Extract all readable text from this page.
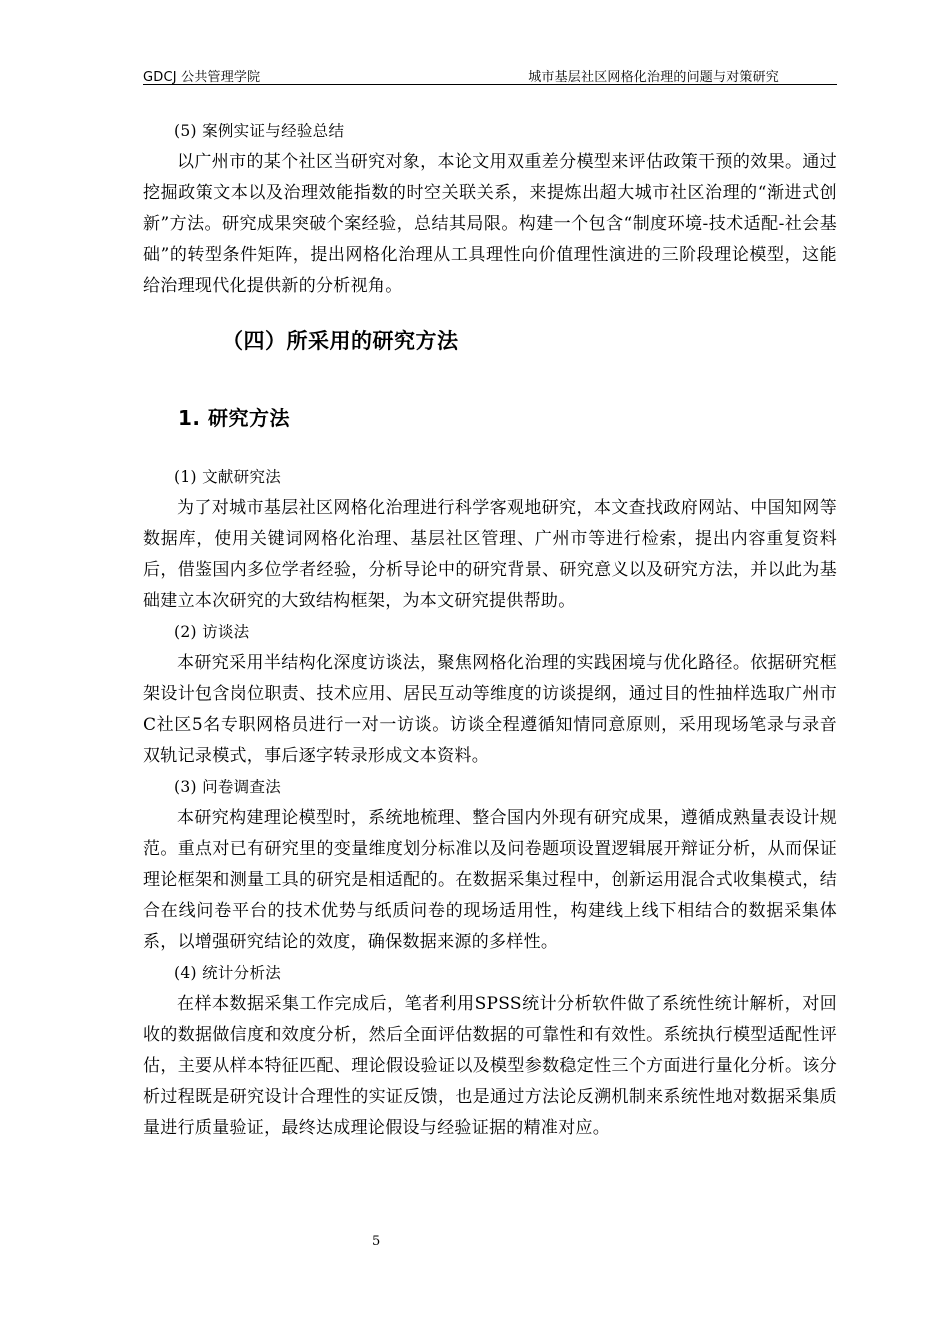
GDCJ 公共管理学院	城市基层社区网格化治理的问题与对策研究

(5) 案例实证与经验总结

以广州市的某个社区当研究对象，本论文用双重差分模型来评估政策干预的效果。通过挖掘政策文本以及治理效能指数的时空关联关系，来提炼出超大城市社区治理的“渐进式创新”方法。研究成果突破个案经验，总结其局限。构建一个包含“制度环境-技术适配-社会基础”的转型条件矩阵，提出网格化治理从工具理性向价值理性演进的三阶段理论模型，这能给治理现代化提供新的分析视角。

（四）所采用的研究方法
1. 研究方法

(1) 文献研究法

为了对城市基层社区网格化治理进行科学客观地研究，本文查找政府网站、中国知网等数据库，使用关键词网格化治理、基层社区管理、广州市等进行检索，提出内容重复资料后，借鉴国内多位学者经验，分析导论中的研究背景、研究意义以及研究方法，并以此为基础建立本次研究的大致结构框架，为本文研究提供帮助。

(2) 访谈法

本研究采用半结构化深度访谈法，聚焦网格化治理的实践困境与优化路径。依据研究框架设计包含岗位职责、技术应用、居民互动等维度的访谈提纲，通过目的性抽样选取广州市C社区5名专职网格员进行一对一访谈。访谈全程遵循知情同意原则，采用现场笔录与录音双轨记录模式，事后逐字转录形成文本资料。

(3) 问卷调查法

本研究构建理论模型时，系统地梳理、整合国内外现有研究成果，遵循成熟量表设计规范。重点对已有研究里的变量维度划分标准以及问卷题项设置逻辑展开辩证分析，从而保证理论框架和测量工具的研究是相适配的。在数据采集过程中，创新运用混合式收集模式，结合在线问卷平台的技术优势与纸质问卷的现场适用性，构建线上线下相结合的数据采集体系，以增强研究结论的效度，确保数据来源的多样性。

(4) 统计分析法

在样本数据采集工作完成后，笔者利用SPSS统计分析软件做了系统性统计解析，对回收的数据做信度和效度分析，然后全面评估数据的可靠性和有效性。系统执行模型适配性评估，主要从样本特征匹配、理论假设验证以及模型参数稳定性三个方面进行量化分析。该分析过程既是研究设计合理性的实证反馈，也是通过方法论反溯机制来系统性地对数据采集质量进行质量验证，最终达成理论假设与经验证据的精准对应。

5
